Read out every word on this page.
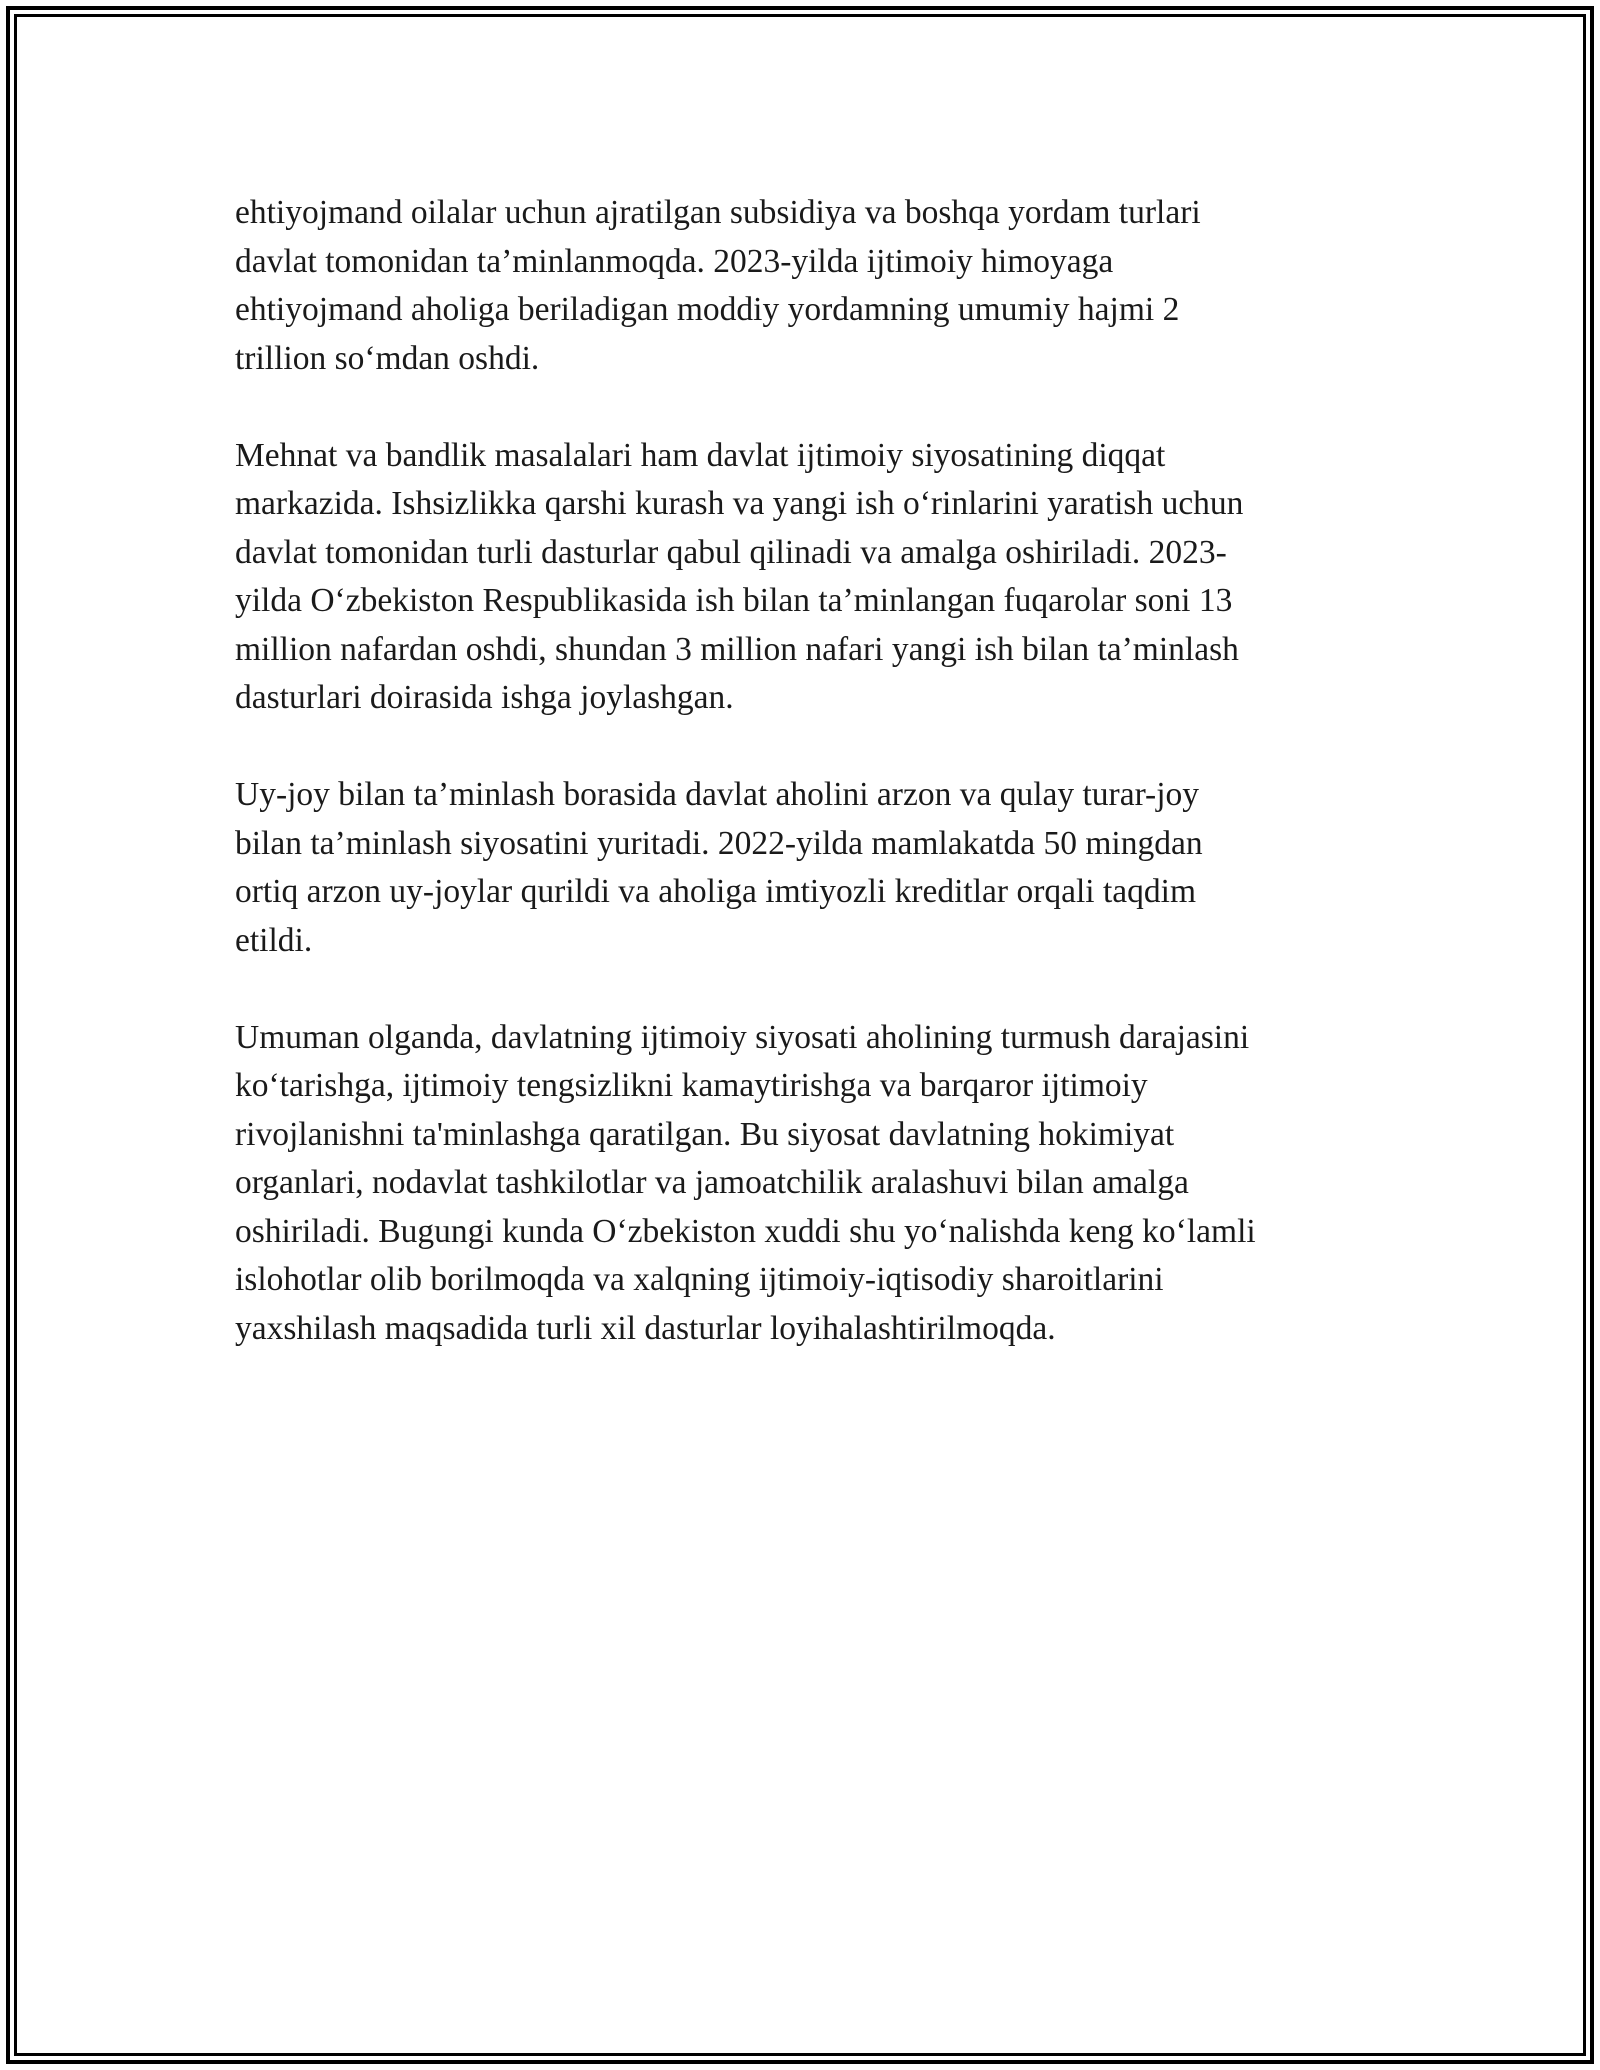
ehtiyojmand oilalar uchun ajratilgan subsidiya va boshqa yordam turlari
davlat tomonidan ta’minlanmoqda. 2023-yilda ijtimoiy himoyaga
ehtiyojmand aholiga beriladigan moddiy yordamning umumiy hajmi 2
trillion so‘mdan oshdi.

Mehnat va bandlik masalalari ham davlat ijtimoiy siyosatining diqqat
markazida. Ishsizlikka qarshi kurash va yangi ish o‘rinlarini yaratish uchun
davlat tomonidan turli dasturlar qabul qilinadi va amalga oshiriladi. 2023-
yilda O‘zbekiston Respublikasida ish bilan ta’minlangan fuqarolar soni 13
million nafardan oshdi, shundan 3 million nafari yangi ish bilan ta’minlash
dasturlari doirasida ishga joylashgan.

Uy-joy bilan ta’minlash borasida davlat aholini arzon va qulay turar-joy
bilan ta’minlash siyosatini yuritadi. 2022-yilda mamlakatda 50 mingdan
ortiq arzon uy-joylar qurildi va aholiga imtiyozli kreditlar orqali taqdim
etildi.

Umuman olganda, davlatning ijtimoiy siyosati aholining turmush darajasini
ko‘tarishga, ijtimoiy tengsizlikni kamaytirishga va barqaror ijtimoiy
rivojlanishni ta'minlashga qaratilgan. Bu siyosat davlatning hokimiyat
organlari, nodavlat tashkilotlar va jamoatchilik aralashuvi bilan amalga
oshiriladi. Bugungi kunda O‘zbekiston xuddi shu yo‘nalishda keng ko‘lamli
islohotlar olib borilmoqda va xalqning ijtimoiy-iqtisodiy sharoitlarini
yaxshilash maqsadida turli xil dasturlar loyihalashtirilmoqda.
